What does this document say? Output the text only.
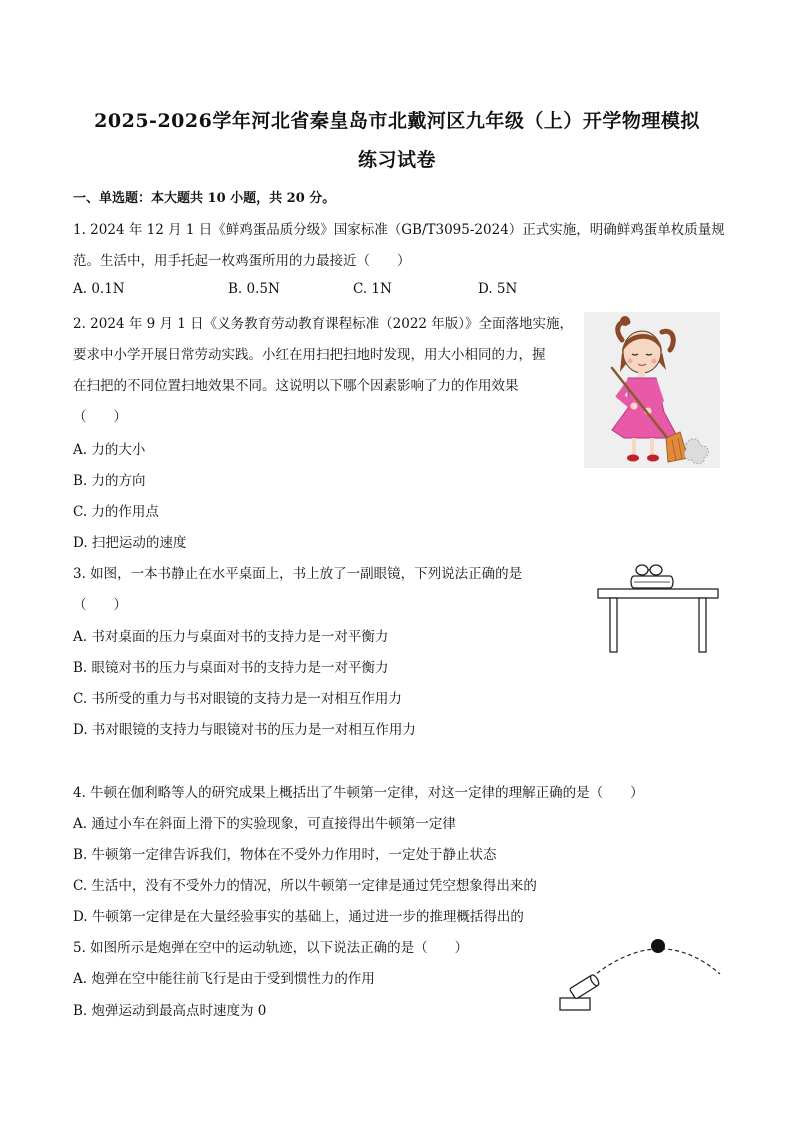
2025-2026学年河北省秦皇岛市北戴河区九年级（上）开学物理模拟
练习试卷
一、单选题：本大题共 10 小题，共 20 分。
1. 2024 年 12 月 1 日《鲜鸡蛋品质分级》国家标准（GB/T3095-2024）正式实施，明确鲜鸡蛋单枚质量规
范。生活中，用手托起一枚鸡蛋所用的力最接近（　　）
A. 0.1N	B. 0.5N	C. 1N	D. 5N
2. 2024 年 9 月 1 日《义务教育劳动教育课程标准（2022 年版）》全面落地实施，
要求中小学开展日常劳动实践。小红在用扫把扫地时发现，用大小相同的力，握
在扫把的不同位置扫地效果不同。这说明以下哪个因素影响了力的作用效果
（　　）
A. 力的大小
B. 力的方向
C. 力的作用点
D. 扫把运动的速度
3. 如图，一本书静止在水平桌面上，书上放了一副眼镜，下列说法正确的是
（　　）
A. 书对桌面的压力与桌面对书的支持力是一对平衡力
B. 眼镜对书的压力与桌面对书的支持力是一对平衡力
C. 书所受的重力与书对眼镜的支持力是一对相互作用力
D. 书对眼镜的支持力与眼镜对书的压力是一对相互作用力
4. 牛顿在伽利略等人的研究成果上概括出了牛顿第一定律，对这一定律的理解正确的是（　　）
A. 通过小车在斜面上滑下的实验现象，可直接得出牛顿第一定律
B. 牛顿第一定律告诉我们，物体在不受外力作用时，一定处于静止状态
C. 生活中，没有不受外力的情况，所以牛顿第一定律是通过凭空想象得出来的
D. 牛顿第一定律是在大量经验事实的基础上，通过进一步的推理概括得出的
5. 如图所示是炮弹在空中的运动轨迹，以下说法正确的是（　　）
A. 炮弹在空中能往前飞行是由于受到惯性力的作用
B. 炮弹运动到最高点时速度为 0
